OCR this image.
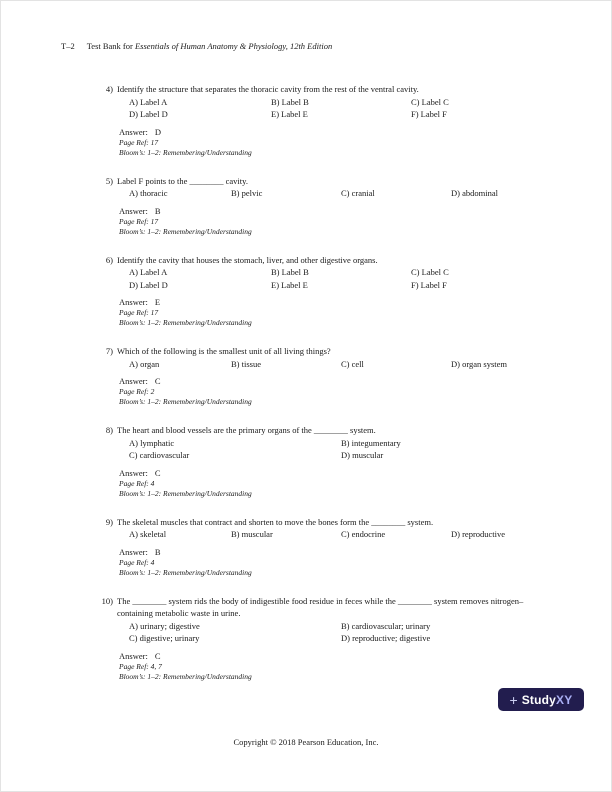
T–2 Test Bank for Essentials of Human Anatomy & Physiology, 12th Edition
4) Identify the structure that separates the thoracic cavity from the rest of the ventral cavity.
A) Label A	B) Label B	C) Label C
D) Label D	E) Label E	F) Label F
Answer: D
Page Ref: 17
Bloom’s: 1–2: Remembering/Understanding
5) Label F points to the ________ cavity.
A) thoracic	B) pelvic	C) cranial	D) abdominal
Answer: B
Page Ref: 17
Bloom’s: 1–2: Remembering/Understanding
6) Identify the cavity that houses the stomach, liver, and other digestive organs.
A) Label A	B) Label B	C) Label C
D) Label D	E) Label E	F) Label F
Answer: E
Page Ref: 17
Bloom’s: 1–2: Remembering/Understanding
7) Which of the following is the smallest unit of all living things?
A) organ	B) tissue	C) cell	D) organ system
Answer: C
Page Ref: 2
Bloom’s: 1–2: Remembering/Understanding
8) The heart and blood vessels are the primary organs of the ________ system.
A) lymphatic	B) integumentary
C) cardiovascular	D) muscular
Answer: C
Page Ref: 4
Bloom’s: 1–2: Remembering/Understanding
9) The skeletal muscles that contract and shorten to move the bones form the ________ system.
A) skeletal	B) muscular	C) endocrine	D) reproductive
Answer: B
Page Ref: 4
Bloom’s: 1–2: Remembering/Understanding
10) The ________ system rids the body of indigestible food residue in feces while the ________ system removes nitrogen–containing metabolic waste in urine.
A) urinary; digestive	B) cardiovascular; urinary
C) digestive; urinary	D) reproductive; digestive
Answer: C
Page Ref: 4, 7
Bloom’s: 1–2: Remembering/Understanding
+ StudyXY
Copyright © 2018 Pearson Education, Inc.
